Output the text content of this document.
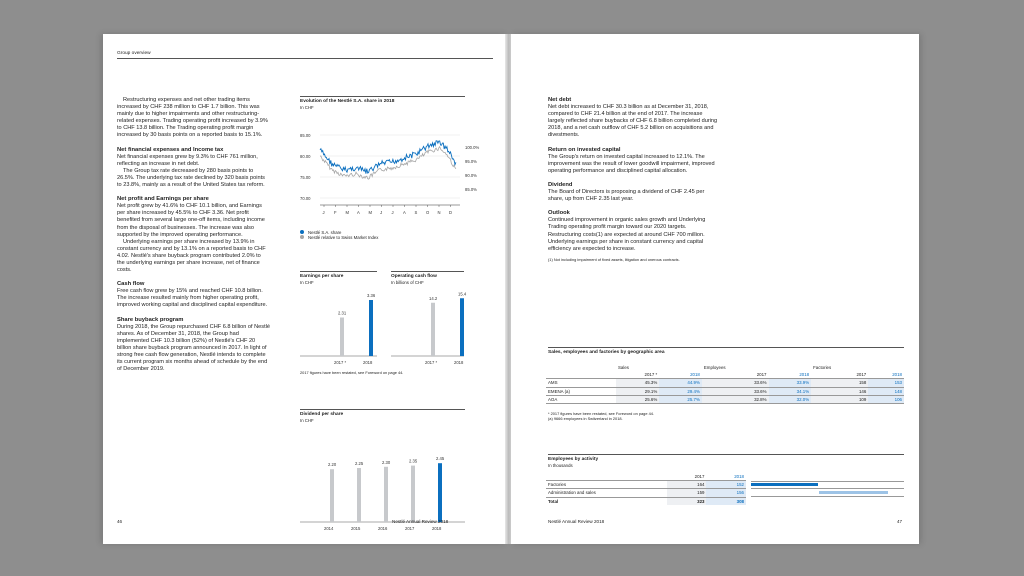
Group overview

Restructuring expenses and net other trading items increased by CHF 238 million to CHF 1.7 billion. This was mainly due to higher impairments and other restructuring-related expenses. Trading operating profit increased by 3.9% to CHF 13.8 billion. The Trading operating profit margin increased by 30 basis points on a reported basis to 15.1%.

Net financial expenses and Income tax

Net financial expenses grew by 9.3% to CHF 761 million, reflecting an increase in net debt.

The Group tax rate decreased by 280 basis points to 26.5%. The underlying tax rate declined by 320 basis points to 23.8%, mainly as a result of the United States tax reform.

Net profit and Earnings per share

Net profit grew by 41.6% to CHF 10.1 billion, and Earnings per share increased by 45.5% to CHF 3.36. Net profit benefited from several large one-off items, including income from the disposal of businesses. The increase was also supported by the improved operating performance.

Underlying earnings per share increased by 13.9% in constant currency and by 13.1% on a reported basis to CHF 4.02. Nestlé's share buyback program contributed 2.0% to the underlying earnings per share increase, net of finance costs.

Cash flow

Free cash flow grew by 15% and reached CHF 10.8 billion. The increase resulted mainly from higher operating profit, improved working capital and disciplined capital expenditure.

Share buyback program

During 2018, the Group repurchased CHF 6.8 billion of Nestlé shares. As of December 31, 2018, the Group had implemented CHF 10.3 billion (52%) of Nestlé's CHF 20 billion share buyback program announced in 2017. In light of strong free cash flow generation, Nestlé intends to complete its current program six months ahead of schedule by the end of December 2019.

Evolution of the Nestlé S.A. share in 2018
In CHF
85.00
80.00
75.00
70.00
100.0%
95.0%
90.0%
85.0%
J F M A M J J A S O N D
Nestlé S.A. share
Nestlé relative to Swiss Market Index
Earnings per share
In CHF
2.31
2017 *
3.36
2018
Operating cash flow
In billions of CHF
14.2
2017 *
15.4
2018
2017 figures have been restated, see Foreword on page 44.
Dividend per share
In CHF
2.20
2014
2.25
2015
2.30
2016
2.35
2017
2.45
2018
46	Nestlé Annual Review 2018
Net debt

Net debt increased to CHF 30.3 billion as at December 31, 2018, compared to CHF 21.4 billion at the end of 2017. The increase largely reflected share buybacks of CHF 6.8 billion completed during 2018, and a net cash outflow of CHF 5.2 billion on acquisitions and divestments.

Return on invested capital

The Group's return on invested capital increased to 12.1%. The improvement was the result of lower goodwill impairment, improved operating performance and disciplined capital allocation.

Dividend

The Board of Directors is proposing a dividend of CHF 2.45 per share, up from CHF 2.35 last year.

Outlook

Continued improvement in organic sales growth and Underlying Trading operating profit margin toward our 2020 targets. Restructuring costs(1) are expected at around CHF 700 million. Underlying earnings per share in constant currency and capital efficiency are expected to increase.

(1) Not including impairment of fixed assets, litigation and onerous contracts.

Sales, employees and factories by geographic area
	Sales		Employees		Factories	
	2017 *	2018	2017	2018	2017	2018
AMS	45.3%	44.9%	33.6%	33.9%	158	153
EMENA (a)	29.1%	29.4%	33.6%	34.1%	146	148
AOA	25.6%	25.7%	32.8%	32.0%	109	106
* 2017 figures have been restated, see Foreword on page 44.
(a) 9666 employees in Switzerland in 2018.
Employees by activity
In thousands
	2017	2018
Factories	164	152
Administration and sales	159	156
Total	323	308
Nestlé Annual Review 2018	47
